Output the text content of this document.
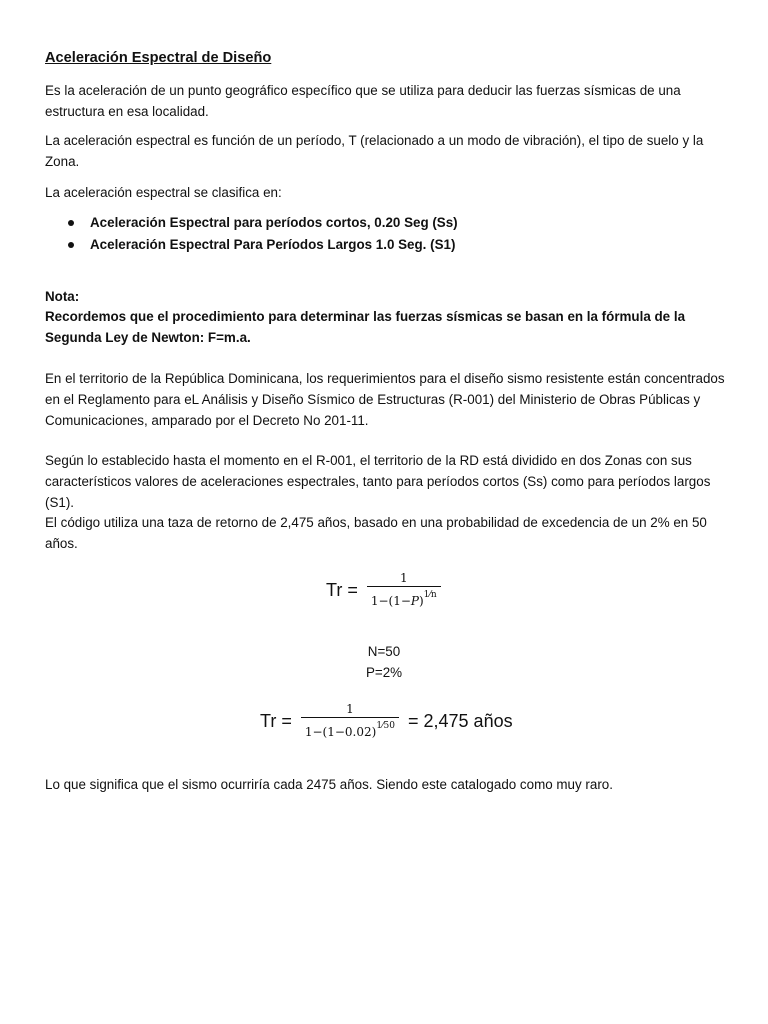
Aceleración Espectral de Diseño

Es la aceleración de un punto geográfico específico que se utiliza para deducir las fuerzas sísmicas de una estructura en esa localidad.

La aceleración espectral es función de un período, T (relacionado a un modo de vibración), el tipo de suelo y la Zona.

La aceleración espectral se clasifica en:

Aceleración Espectral para períodos cortos, 0.20 Seg (Ss)
Aceleración Espectral Para Períodos Largos 1.0 Seg. (S1)

Nota:

Recordemos que el procedimiento para determinar las fuerzas sísmicas se basan en la fórmula de la Segunda Ley de Newton: F=m.a.

En el territorio de la República Dominicana, los requerimientos para el diseño sismo resistente están concentrados en el Reglamento para eL Análisis y Diseño Sísmico de Estructuras (R-001) del Ministerio de Obras Públicas y Comunicaciones, amparado por el Decreto No 201-11.

Según lo establecido hasta el momento en el R-001, el territorio de la RD está dividido en dos Zonas con sus característicos valores de aceleraciones espectrales, tanto para períodos cortos (Ss) como para períodos largos (S1).

El código utiliza una taza de retorno de 2,475 años, basado en una probabilidad de excedencia de un 2% en 50 años.

$Tr = \frac{1}{1-(1-P)^{1⁄n}}$
N=50
P=2%
$Tr = \frac{1}{1-(1-0.02)^{1⁄50}} = 2,475$ años

Lo que significa que el sismo ocurriría cada 2475 años. Siendo este catalogado como muy raro.
